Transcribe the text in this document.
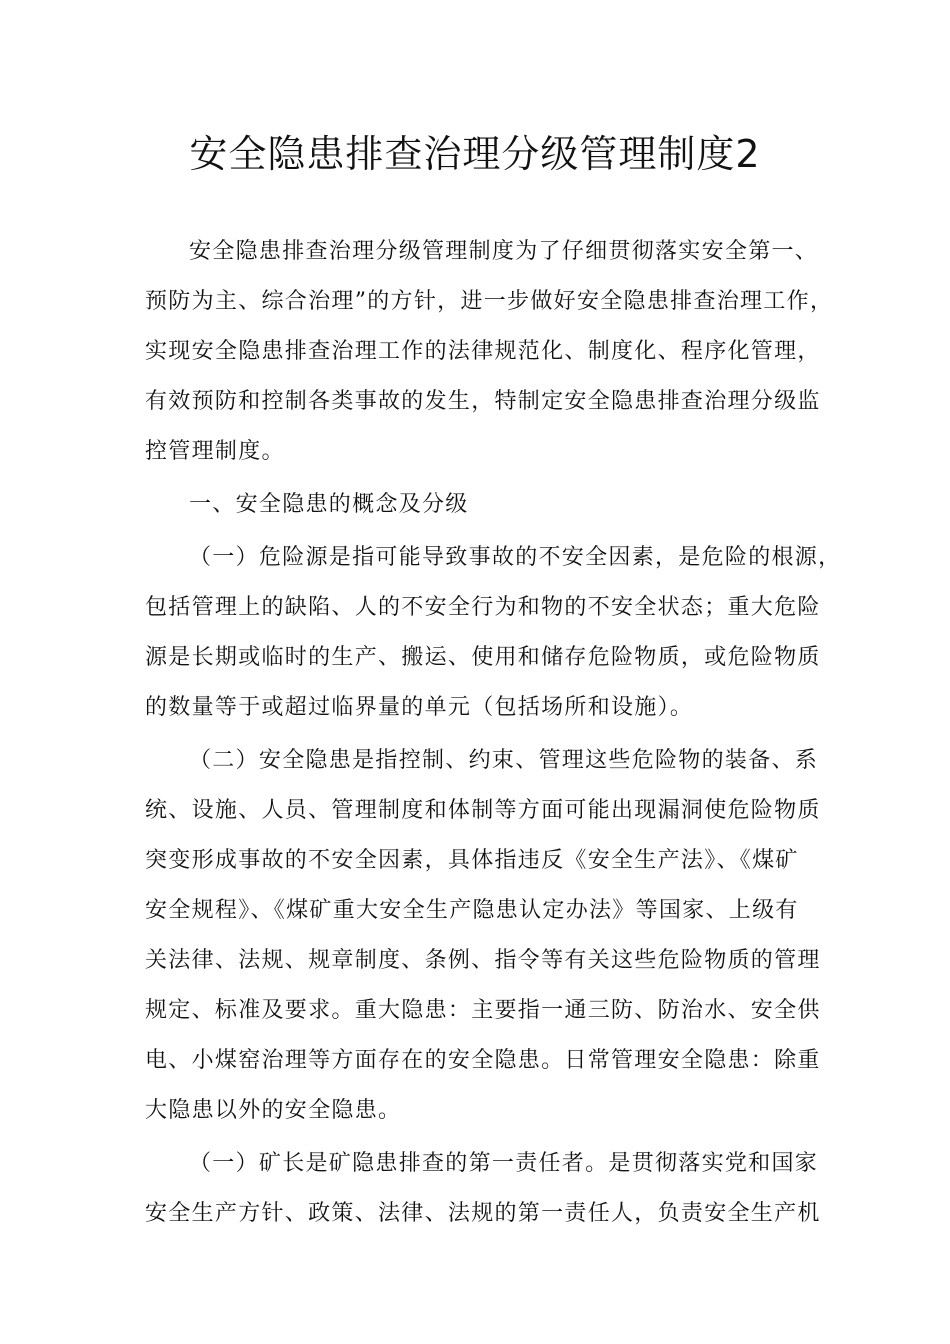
安全隐患排查治理分级管理制度2

安全隐患排查治理分级管理制度为了仔细贯彻落实安全第一、
预防为主、综合治理”的方针，进一步做好安全隐患排查治理工作，
实现安全隐患排查治理工作的法律规范化、制度化、程序化管理，
有效预防和控制各类事故的发生，特制定安全隐患排查治理分级监
控管理制度。

一、安全隐患的概念及分级

（一）危险源是指可能导致事故的不安全因素，是危险的根源，
包括管理上的缺陷、人的不安全行为和物的不安全状态；重大危险
源是长期或临时的生产、搬运、使用和储存危险物质，或危险物质
的数量等于或超过临界量的单元（包括场所和设施）。

（二）安全隐患是指控制、约束、管理这些危险物的装备、系
统、设施、人员、管理制度和体制等方面可能出现漏洞使危险物质
突变形成事故的不安全因素，具体指违反《安全生产法》、《煤矿
安全规程》、《煤矿重大安全生产隐患认定办法》等国家、上级有
关法律、法规、规章制度、条例、指令等有关这些危险物质的管理
规定、标准及要求。重大隐患：主要指一通三防、防治水、安全供
电、小煤窑治理等方面存在的安全隐患。日常管理安全隐患：除重
大隐患以外的安全隐患。

（一）矿长是矿隐患排查的第一责任者。是贯彻落实党和国家
安全生产方针、政策、法律、法规的第一责任人，负责安全生产机
